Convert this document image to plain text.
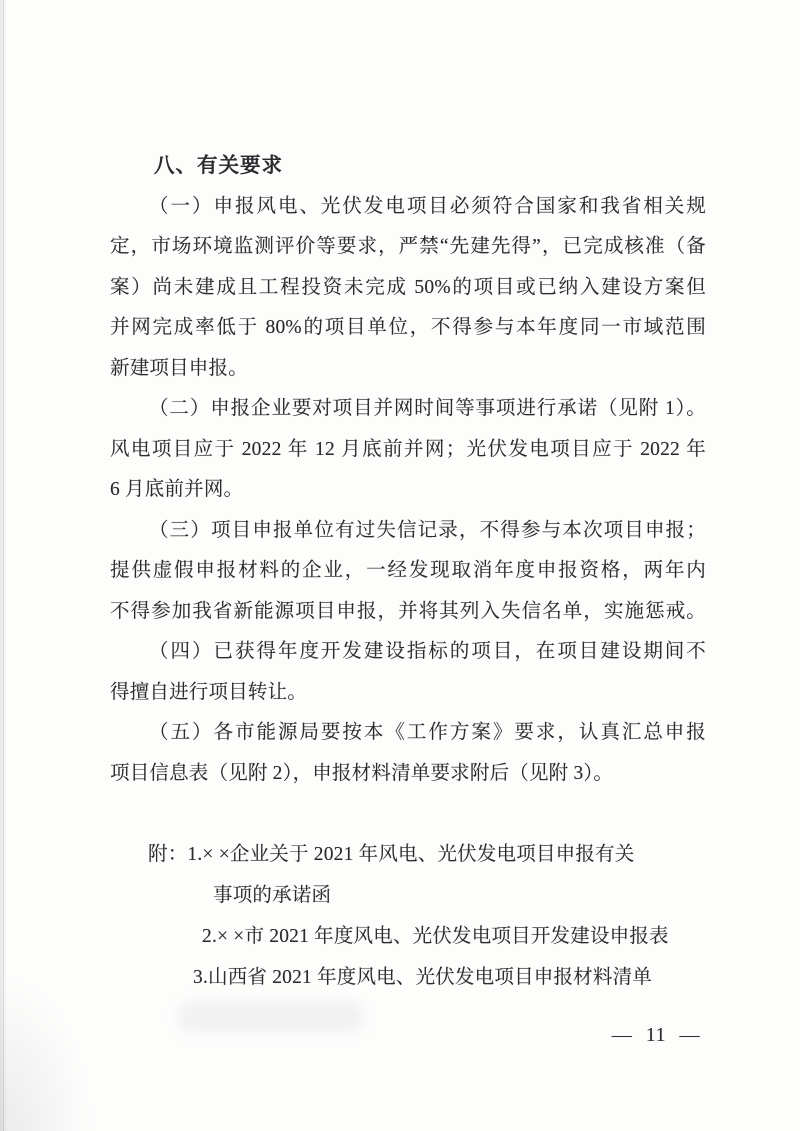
八、有关要求
（一）申报风电、光伏发电项目必须符合国家和我省相关规
定，市场环境监测评价等要求，严禁“先建先得”，已完成核准（备
案）尚未建成且工程投资未完成 50%的项目或已纳入建设方案但
并网完成率低于 80%的项目单位，不得参与本年度同一市域范围
新建项目申报。
（二）申报企业要对项目并网时间等事项进行承诺（见附 1）。
风电项目应于 2022 年 12 月底前并网；光伏发电项目应于 2022 年
6 月底前并网。
（三）项目申报单位有过失信记录，不得参与本次项目申报；
提供虚假申报材料的企业，一经发现取消年度申报资格，两年内
不得参加我省新能源项目申报，并将其列入失信名单，实施惩戒。
（四）已获得年度开发建设指标的项目，在项目建设期间不
得擅自进行项目转让。
（五）各市能源局要按本《工作方案》要求，认真汇总申报
项目信息表（见附 2），申报材料清单要求附后（见附 3）。
附：1.× ×企业关于 2021 年风电、光伏发电项目申报有关
事项的承诺函
2.× ×市 2021 年度风电、光伏发电项目开发建设申报表
3.山西省 2021 年度风电、光伏发电项目申报材料清单
— 11 —
